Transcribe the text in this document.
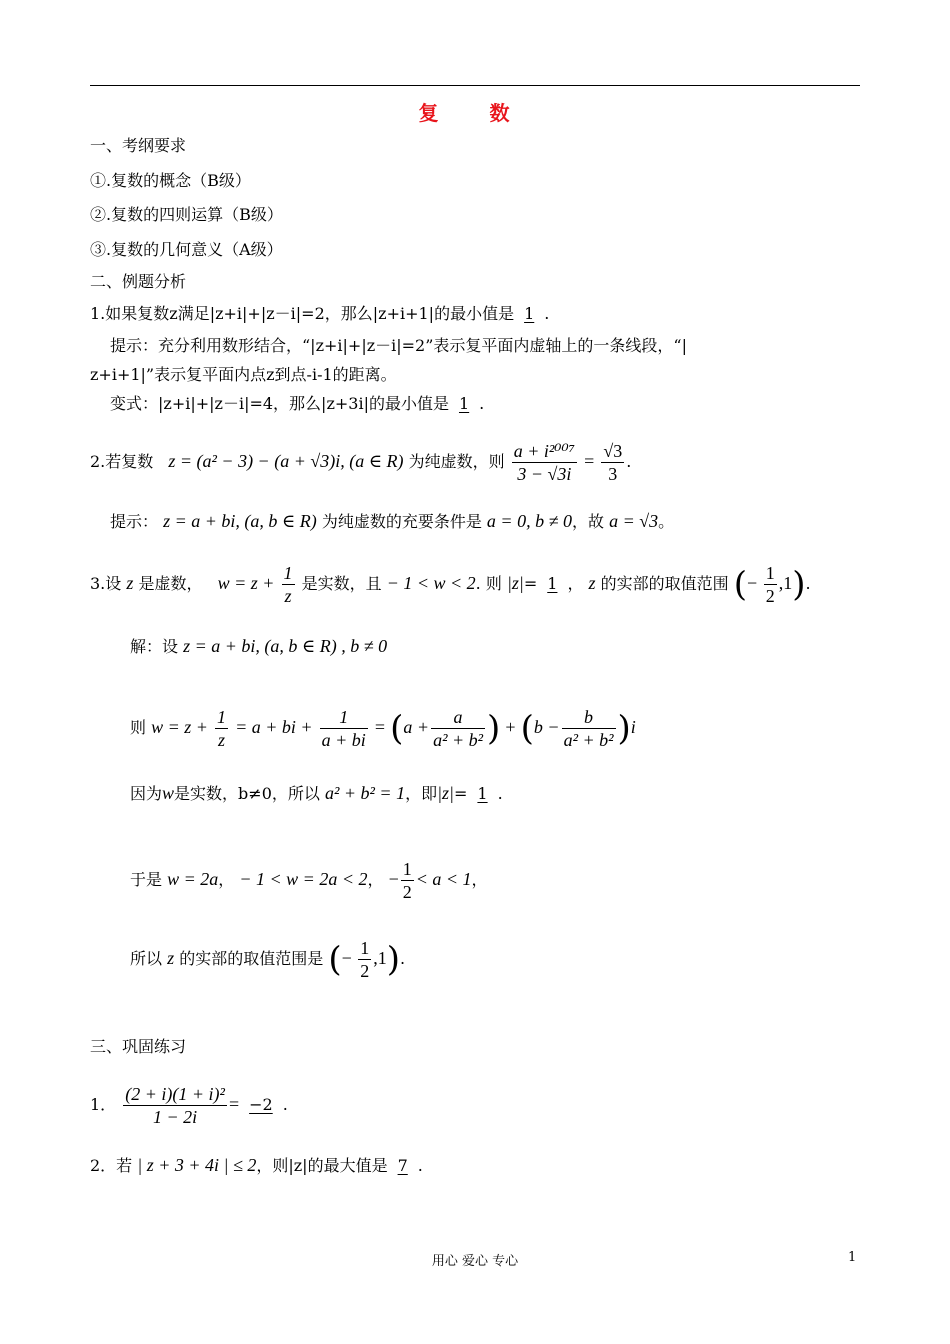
复 数
一、考纲要求
①.复数的概念（B级）
②.复数的四则运算（B级）
③.复数的几何意义（A级）
二、例题分析
1.如果复数z满足|z+i|+|z－i|=2，那么|z+i+1|的最小值是 1 .
提示：充分利用数形结合，“|z+i|+|z－i|=2”表示复平面内虚轴上的一条线段，“|
z+i+1|”表示复平面内点z到点-i-1的距离。
变式：|z+i|+|z－i|=4，那么|z+3i|的最小值是 1 .
2.若复数 z = (a² − 3) − (a + √3)i, (a ∈ R) 为纯虚数，则 $\frac{\text{a + i²⁰⁰⁷}}{3 - √3i} = \frac{√3}{3}$ .
提示： z = a + bi, (a, b ∈ R) 为纯虚数的充要条件是 a = 0, b ≠ 0，故 a = √3。
3.设 z 是虚数， $w = z + \frac{1}{z}$ 是实数，且 − 1 < w < 2. 则 |z|= 1 ， z 的实部的取值范围 (− $\frac{1}{2} ,1$).
解：设 z = a + bi, (a, b ∈ R) , b ≠ 0
则 $w = z + \frac{1}{z} = a$ + bi + $\frac{1}{a + bi} = (a + \frac{a}{\text{a² + b²}}$ ) + $(b - \frac{b}{\text{a² + b²}} )i$
因为w是实数，b≠0，所以 a² + b² = 1，即|z|= 1 .
于是 w = 2a， − 1 < w = 2a < 2， − $\frac{1}{2} < a < 1$，
所以 z 的实部的取值范围是 (− $\frac{1}{2} ,1$).
三、巩固练习
1． $\frac{\text{(2 + i)(1 + i)²}}{1 - 2i} = -2$ .
2．若 | z + 3 + 4i | ≤ 2，则|z|的最大值是 7 .
用心 爱心 专心	1
